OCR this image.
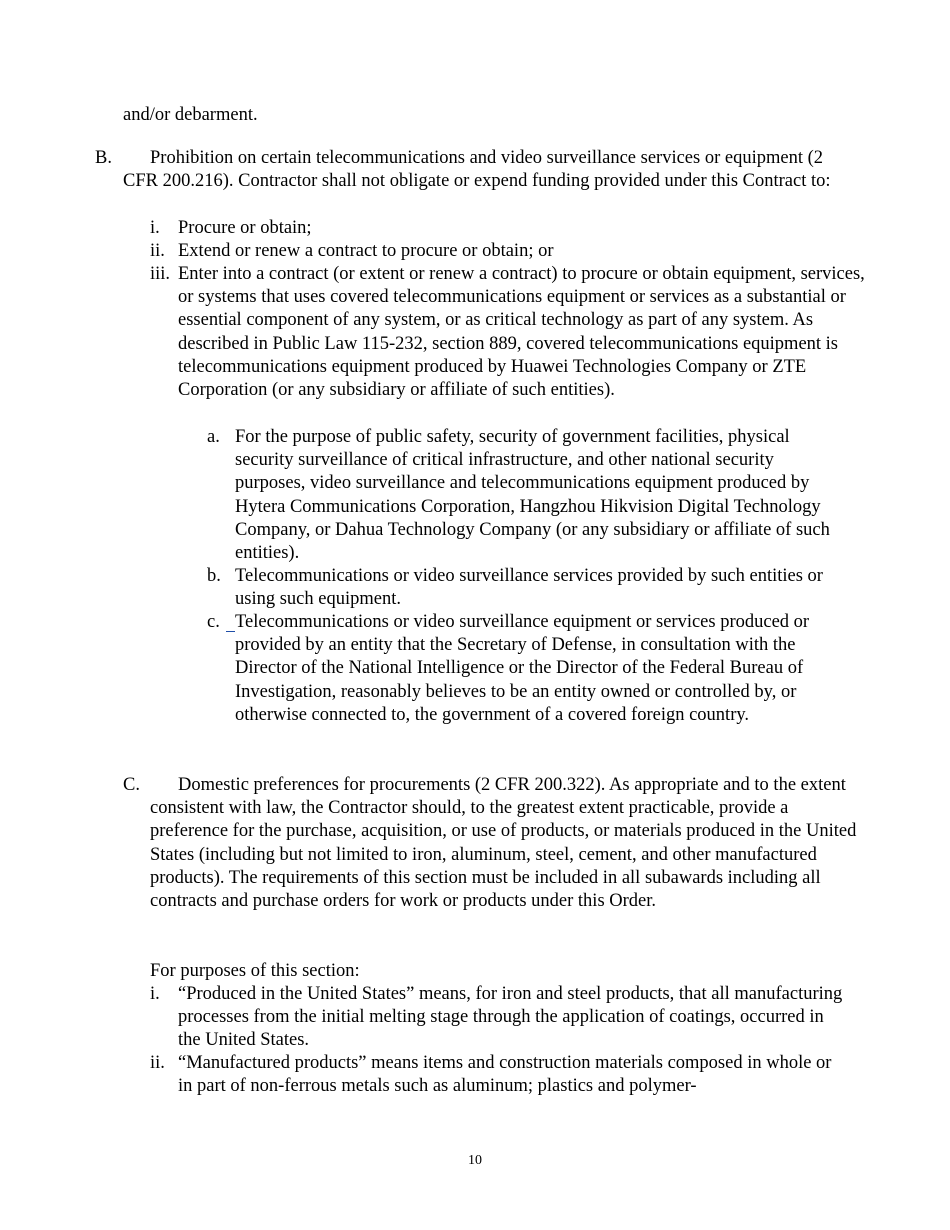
and/or debarment.

B.	Prohibition on certain telecommunications and video surveillance services or equipment (2 CFR 200.216). Contractor shall not obligate or expend funding provided under this Contract to:

i. Procure or obtain;

ii. Extend or renew a contract to procure or obtain; or

iii. Enter into a contract (or extent or renew a contract) to procure or obtain equipment, services, or systems that uses covered telecommunications equipment or services as a substantial or essential component of any system, or as critical technology as part of any system. As described in Public Law 115-232, section 889, covered telecommunications equipment is telecommunications equipment produced by Huawei Technologies Company or ZTE Corporation (or any subsidiary or affiliate of such entities).

a. For the purpose of public safety, security of government facilities, physical security surveillance of critical infrastructure, and other national security purposes, video surveillance and telecommunications equipment produced by Hytera Communications Corporation, Hangzhou Hikvision Digital Technology Company, or Dahua Technology Company (or any subsidiary or affiliate of such entities).

b. Telecommunications or video surveillance services provided by such entities or using such equipment.

c. Telecommunications or video surveillance equipment or services produced or provided by an entity that the Secretary of Defense, in consultation with the Director of the National Intelligence or the Director of the Federal Bureau of Investigation, reasonably believes to be an entity owned or controlled by, or otherwise connected to, the government of a covered foreign country.

C.	Domestic preferences for procurements (2 CFR 200.322). As appropriate and to the extent consistent with law, the Contractor should, to the greatest extent practicable, provide a preference for the purchase, acquisition, or use of products, or materials produced in the United States (including but not limited to iron, aluminum, steel, cement, and other manufactured products). The requirements of this section must be included in all subawards including all contracts and purchase orders for work or products under this Order.

For purposes of this section:

i. “Produced in the United States” means, for iron and steel products, that all manufacturing processes from the initial melting stage through the application of coatings, occurred in the United States.

ii. “Manufactured products” means items and construction materials composed in whole or in part of non-ferrous metals such as aluminum; plastics and polymer-

10
